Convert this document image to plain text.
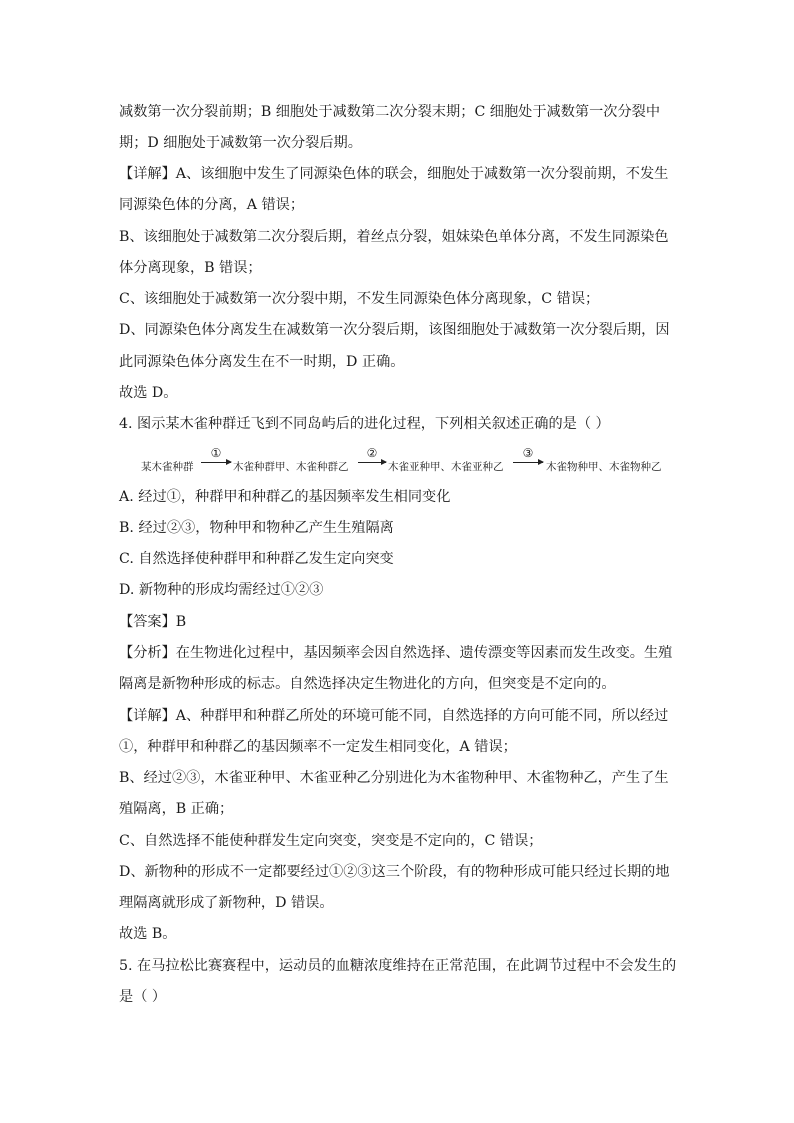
减数第一次分裂前期；B 细胞处于减数第二次分裂末期；C 细胞处于减数第一次分裂中
期；D 细胞处于减数第一次分裂后期。
【详解】A、该细胞中发生了同源染色体的联会，细胞处于减数第一次分裂前期，不发生
同源染色体的分离，A 错误；
B、该细胞处于减数第二次分裂后期，着丝点分裂，姐妹染色单体分离，不发生同源染色
体分离现象，B 错误；
C、该细胞处于减数第一次分裂中期，不发生同源染色体分离现象，C 错误；
D、同源染色体分离发生在减数第一次分裂后期，该图细胞处于减数第一次分裂后期，因
此同源染色体分离发生在不一时期，D 正确。
故选 D。
4. 图示某木雀种群迁飞到不同岛屿后的进化过程，下列相关叙述正确的是（ ）
某木雀种群
①
木雀种群甲、木雀种群乙
②
木雀亚种甲、木雀亚种乙
③
木雀物种甲、木雀物种乙
A. 经过①，种群甲和种群乙的基因频率发生相同变化
B. 经过②③，物种甲和物种乙产生生殖隔离
C. 自然选择使种群甲和种群乙发生定向突变
D. 新物种的形成均需经过①②③
【答案】B
【分析】在生物进化过程中，基因频率会因自然选择、遗传漂变等因素而发生改变。生殖
隔离是新物种形成的标志。自然选择决定生物进化的方向，但突变是不定向的。
【详解】A、种群甲和种群乙所处的环境可能不同，自然选择的方向可能不同，所以经过
①，种群甲和种群乙的基因频率不一定发生相同变化，A 错误；
B、经过②③，木雀亚种甲、木雀亚种乙分别进化为木雀物种甲、木雀物种乙，产生了生
殖隔离，B 正确；
C、自然选择不能使种群发生定向突变，突变是不定向的，C 错误；
D、新物种的形成不一定都要经过①②③这三个阶段，有的物种形成可能只经过长期的地
理隔离就形成了新物种，D 错误。
故选 B。
5. 在马拉松比赛赛程中，运动员的血糖浓度维持在正常范围，在此调节过程中不会发生的
是（ ）
